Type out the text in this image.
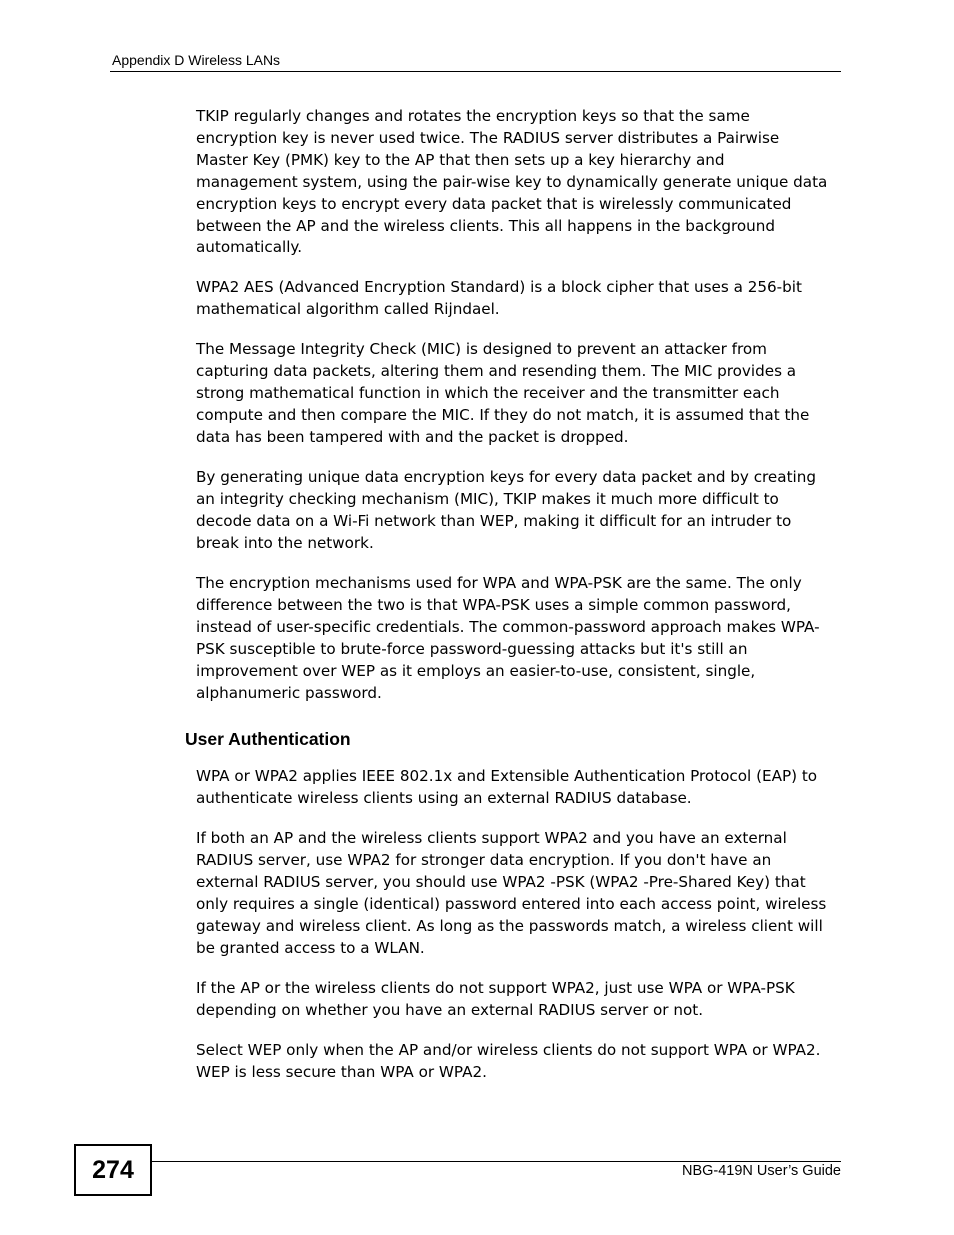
Appendix D Wireless LANs
TKIP regularly changes and rotates the encryption keys so that the same
encryption key is never used twice. The RADIUS server distributes a Pairwise
Master Key (PMK) key to the AP that then sets up a key hierarchy and
management system, using the pair-wise key to dynamically generate unique data
encryption keys to encrypt every data packet that is wirelessly communicated
between the AP and the wireless clients. This all happens in the background
automatically.
WPA2 AES (Advanced Encryption Standard) is a block cipher that uses a 256-bit
mathematical algorithm called Rijndael.
The Message Integrity Check (MIC) is designed to prevent an attacker from
capturing data packets, altering them and resending them. The MIC provides a
strong mathematical function in which the receiver and the transmitter each
compute and then compare the MIC. If they do not match, it is assumed that the
data has been tampered with and the packet is dropped.
By generating unique data encryption keys for every data packet and by creating
an integrity checking mechanism (MIC), TKIP makes it much more difficult to
decode data on a Wi-Fi network than WEP, making it difficult for an intruder to
break into the network.
The encryption mechanisms used for WPA and WPA-PSK are the same. The only
difference between the two is that WPA-PSK uses a simple common password,
instead of user-specific credentials. The common-password approach makes WPA-
PSK susceptible to brute-force password-guessing attacks but it's still an
improvement over WEP as it employs an easier-to-use, consistent, single,
alphanumeric password.
User Authentication
WPA or WPA2 applies IEEE 802.1x and Extensible Authentication Protocol (EAP) to
authenticate wireless clients using an external RADIUS database.
If both an AP and the wireless clients support WPA2 and you have an external
RADIUS server, use WPA2 for stronger data encryption. If you don't have an
external RADIUS server, you should use WPA2 -PSK (WPA2 -Pre-Shared Key) that
only requires a single (identical) password entered into each access point, wireless
gateway and wireless client. As long as the passwords match, a wireless client will
be granted access to a WLAN.
If the AP or the wireless clients do not support WPA2, just use WPA or WPA-PSK
depending on whether you have an external RADIUS server or not.
Select WEP only when the AP and/or wireless clients do not support WPA or WPA2.
WEP is less secure than WPA or WPA2.
274	NBG-419N User’s Guide
